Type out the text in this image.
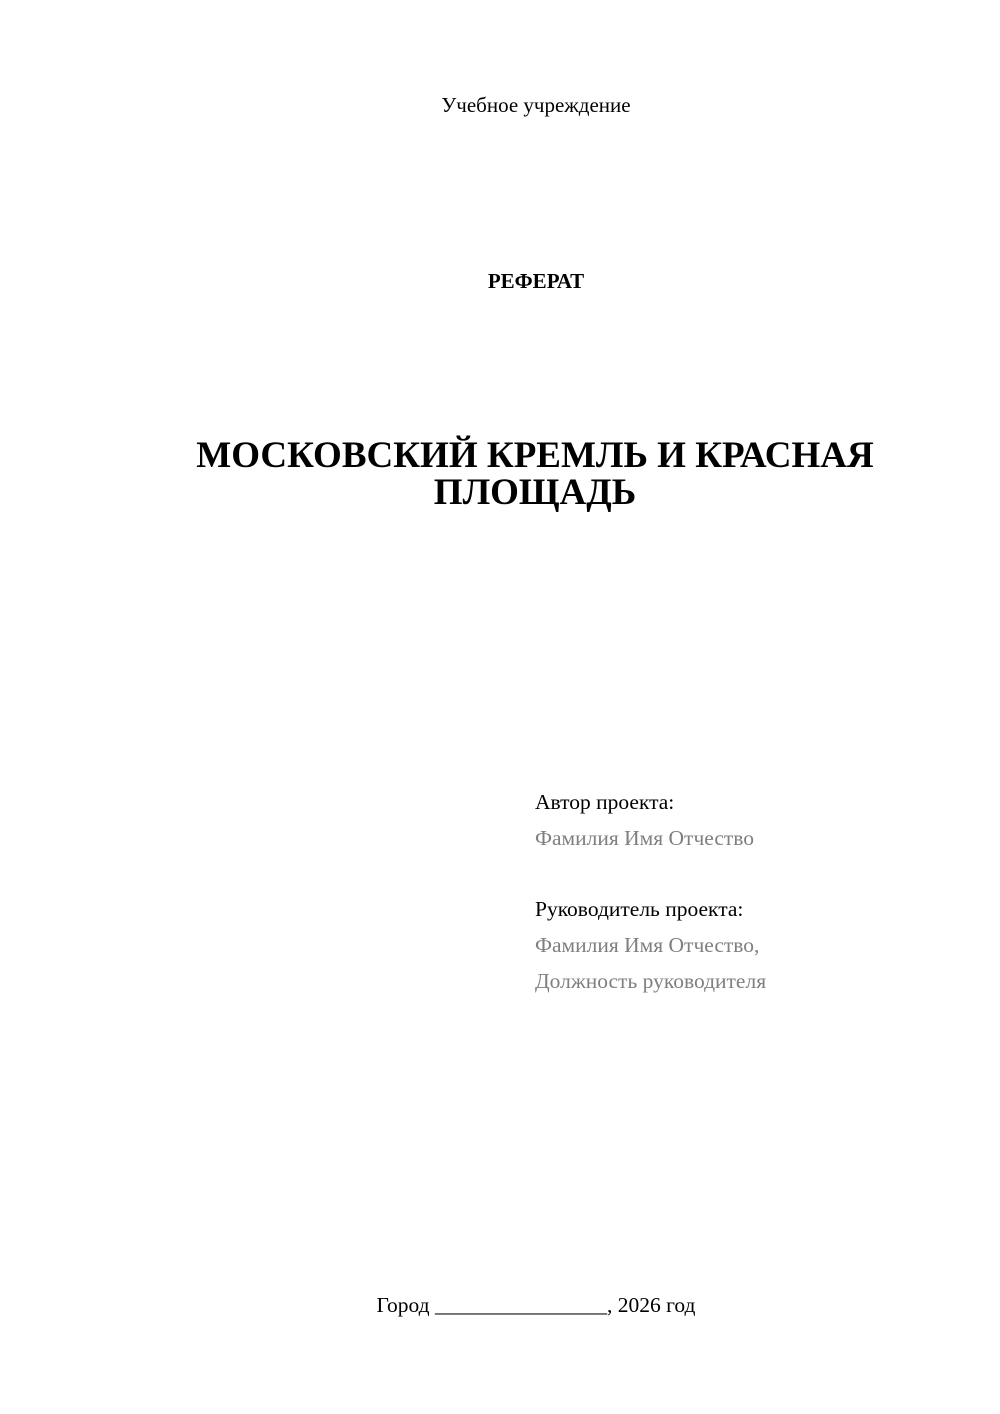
Учебное учреждение
РЕФЕРАТ
МОСКОВСКИЙ КРЕМЛЬ И КРАСНАЯ
ПЛОЩАДЬ
Автор проекта:
Фамилия Имя Отчество
Руководитель проекта:
Фамилия Имя Отчество,
Должность руководителя
Город ________________, 2026 год
